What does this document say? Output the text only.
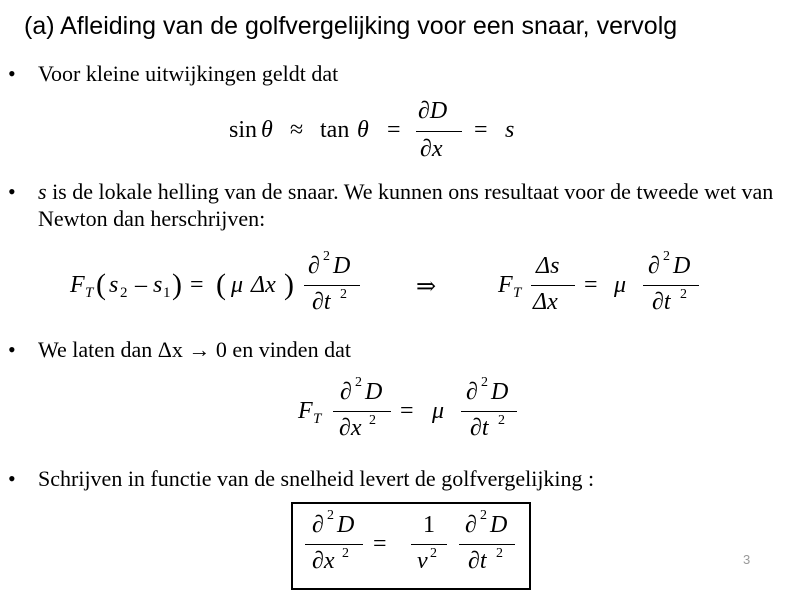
(a) Afleiding van de golfvergelijking voor een snaar, vervolg
• Voor kleine uitwijkingen geldt dat
sin θ ≈ tan θ =
∂D
∂x
= s
• s is de lokale helling van de snaar. We kunnen ons resultaat voor de tweede wet van Newton dan herschrijven:
F T ( s 2 – s 1 ) = ( μ Δx )
∂ 2 D
∂t 2	⇒	F T
Δs
Δx
= μ
∂ 2 D
∂t 2
• We laten dan Δx → 0 en vinden dat
F T
∂ 2 D
∂x 2 = μ
∂ 2 D
∂t 2
• Schrijven in functie van de snelheid levert de golfvergelijking :
∂ 2 D
∂x 2 =
1
v 2
∂ 2 D
∂t 2	3
